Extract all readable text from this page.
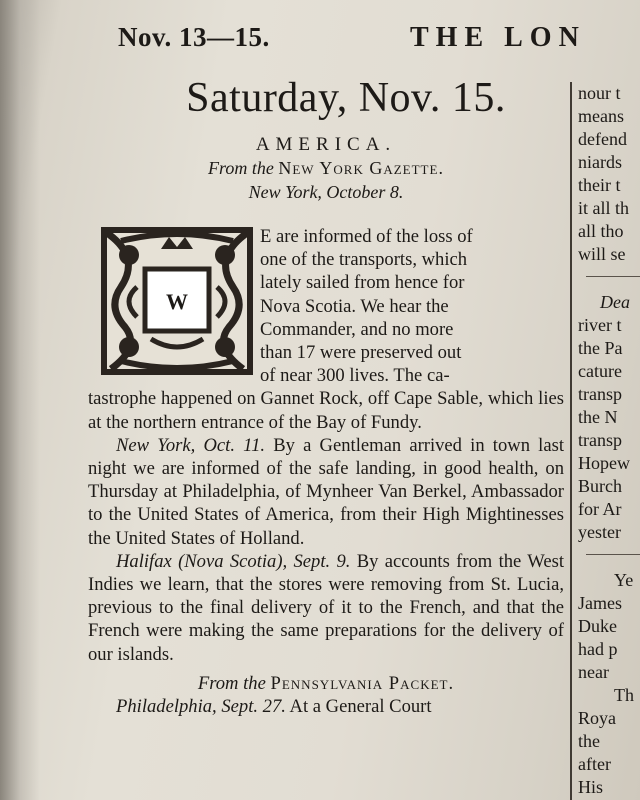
Nov. 13—15.	THE LON
Saturday, Nov. 15.
AMERICA.
From the New York Gazette.
New York, October 8.

E are informed of the loss of

one of the transports, which

lately sailed from hence for

Nova Scotia. We hear the

Commander, and no more

than 17 were preserved out

of near 300 lives. The ca-

tastrophe happened on Gannet Rock, off Cape Sable, which lies at the northern entrance of the Bay of Fundy.

New York, Oct. 11. By a Gentleman arrived in town last night we are informed of the safe landing, in good health, on Thursday at Philadelphia, of Mynheer Van Berkel, Ambassador to the United States of America, from their High Mightinesses the United States of Holland.

Halifax (Nova Scotia), Sept. 9. By accounts from the West Indies we learn, that the stores were removing from St. Lucia, previous to the final delivery of it to the French, and that the French were making the same preparations for the delivery of our islands.

From the Pennsylvania Packet.

Philadelphia, Sept. 27. At a General Court

W
nour t
means
defend
niards
their t
it all th
all tho
will se
Dea
river t
the Pa
cature
transp
the N
transp
Hopew
Burch
for Ar
yester
Ye
James
Duke
had p
near
Th
Roya
the
after
His
